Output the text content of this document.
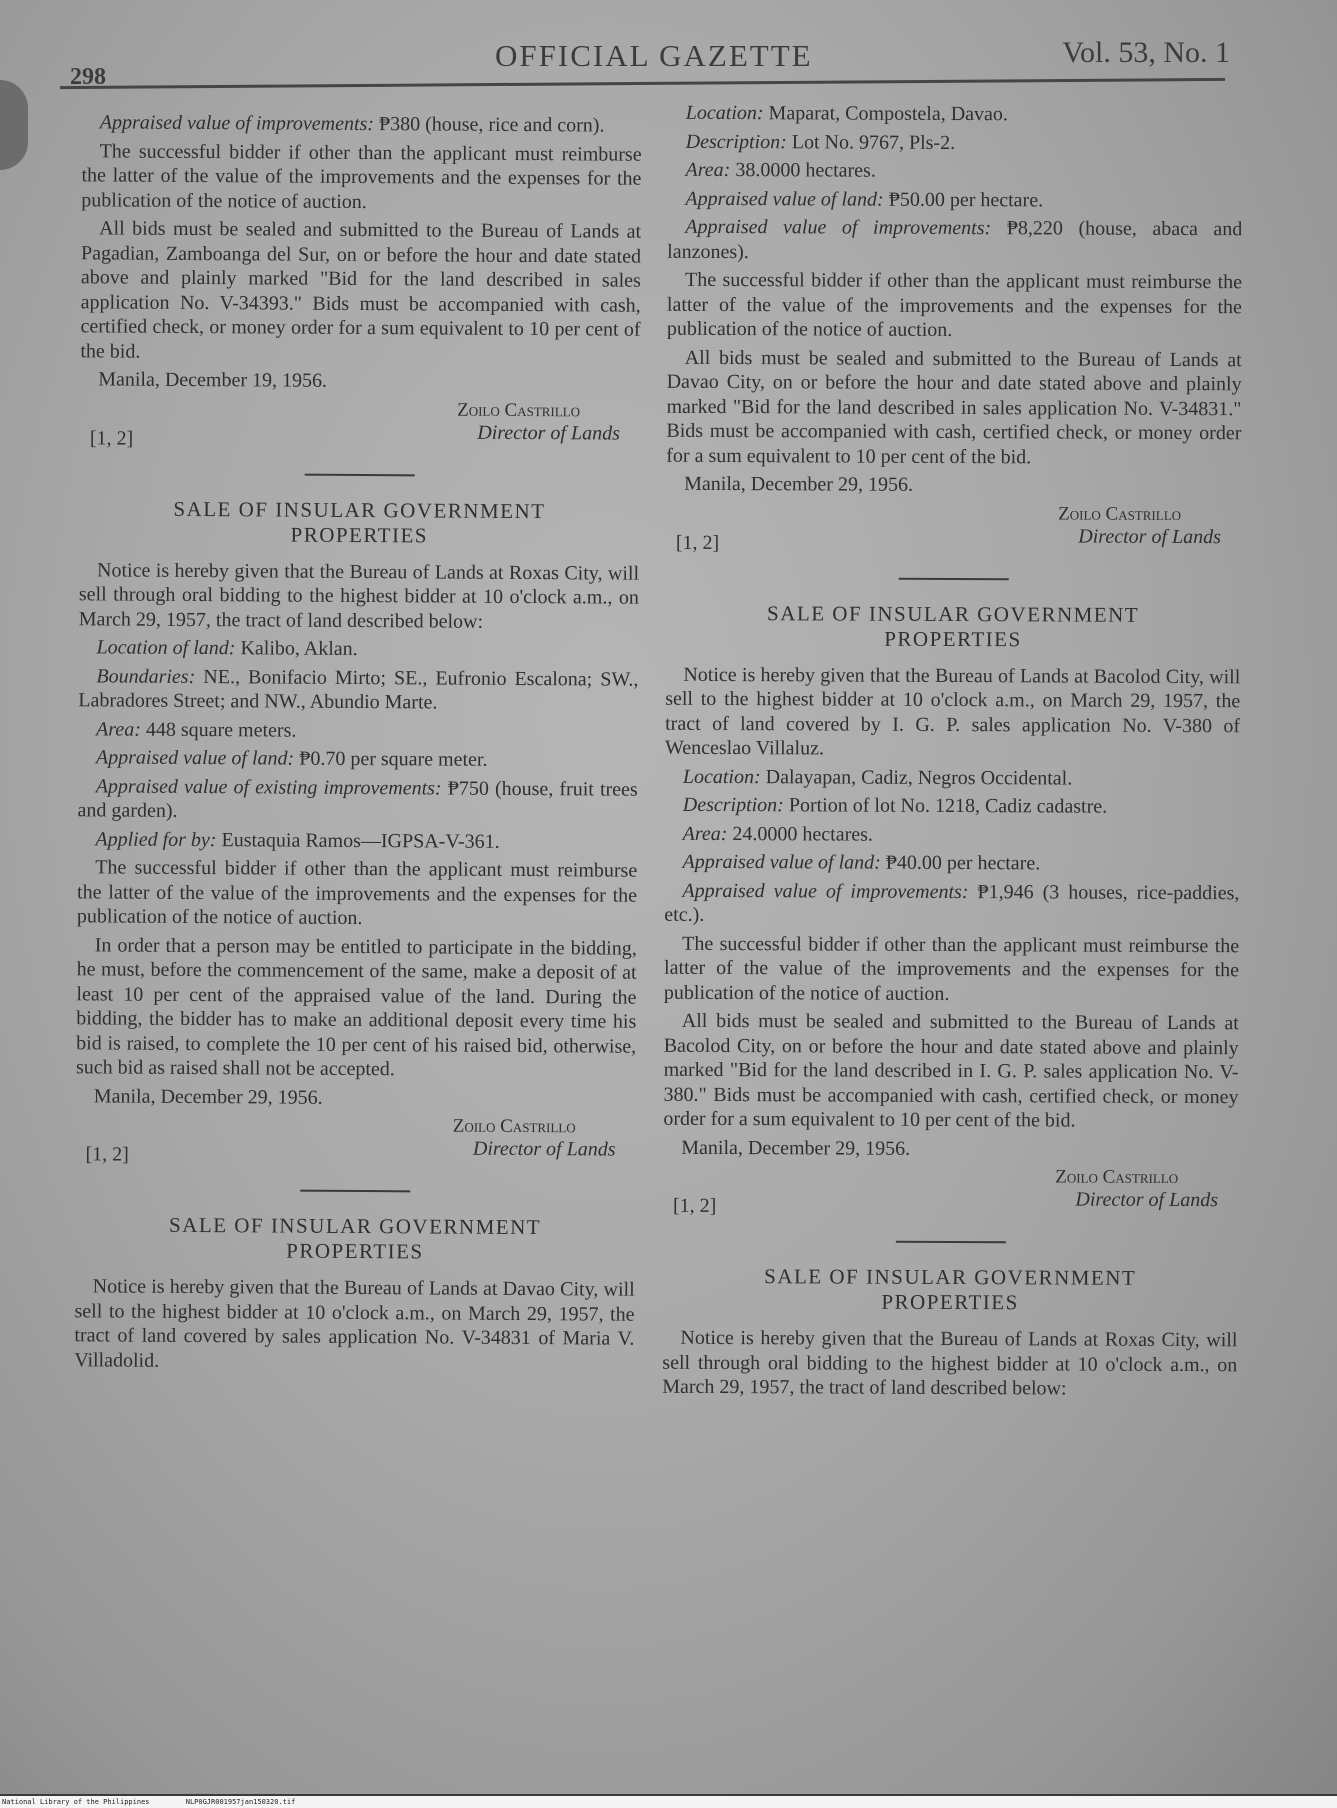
298
OFFICIAL GAZETTE	Vol. 53, No. 1

Appraised value of improvements: ₱380 (house, rice and corn).

The successful bidder if other than the applicant must reimburse the latter of the value of the improvements and the expenses for the publication of the notice of auction.

All bids must be sealed and submitted to the Bureau of Lands at Pagadian, Zamboanga del Sur, on or before the hour and date stated above and plainly marked "Bid for the land described in sales application No. V-34393." Bids must be accompanied with cash, certified check, or money order for a sum equivalent to 10 per cent of the bid.

Manila, December 19, 1956.

Zoilo Castrillo
Director of Lands
[1, 2]
SALE OF INSULAR GOVERNMENT
PROPERTIES

Notice is hereby given that the Bureau of Lands at Roxas City, will sell through oral bidding to the highest bidder at 10 o'clock a.m., on March 29, 1957, the tract of land described below:

Location of land: Kalibo, Aklan.

Boundaries: NE., Bonifacio Mirto; SE., Eufronio Escalona; SW., Labradores Street; and NW., Abundio Marte.

Area: 448 square meters.

Appraised value of land: ₱0.70 per square meter.

Appraised value of existing improvements: ₱750 (house, fruit trees and garden).

Applied for by: Eustaquia Ramos—IGPSA-V-361.

The successful bidder if other than the applicant must reimburse the latter of the value of the improvements and the expenses for the publication of the notice of auction.

In order that a person may be entitled to participate in the bidding, he must, before the commencement of the same, make a deposit of at least 10 per cent of the appraised value of the land. During the bidding, the bidder has to make an additional deposit every time his bid is raised, to complete the 10 per cent of his raised bid, otherwise, such bid as raised shall not be accepted.

Manila, December 29, 1956.

Zoilo Castrillo
Director of Lands
[1, 2]
SALE OF INSULAR GOVERNMENT
PROPERTIES

Notice is hereby given that the Bureau of Lands at Davao City, will sell to the highest bidder at 10 o'clock a.m., on March 29, 1957, the tract of land covered by sales application No. V-34831 of Maria V. Villadolid.

Location: Maparat, Compostela, Davao.

Description: Lot No. 9767, Pls-2.

Area: 38.0000 hectares.

Appraised value of land: ₱50.00 per hectare.

Appraised value of improvements: ₱8,220 (house, abaca and lanzones).

The successful bidder if other than the applicant must reimburse the latter of the value of the improvements and the expenses for the publication of the notice of auction.

All bids must be sealed and submitted to the Bureau of Lands at Davao City, on or before the hour and date stated above and plainly marked "Bid for the land described in sales application No. V-34831." Bids must be accompanied with cash, certified check, or money order for a sum equivalent to 10 per cent of the bid.

Manila, December 29, 1956.

Zoilo Castrillo
Director of Lands
[1, 2]
SALE OF INSULAR GOVERNMENT
PROPERTIES

Notice is hereby given that the Bureau of Lands at Bacolod City, will sell to the highest bidder at 10 o'clock a.m., on March 29, 1957, the tract of land covered by I. G. P. sales application No. V-380 of Wenceslao Villaluz.

Location: Dalayapan, Cadiz, Negros Occidental.

Description: Portion of lot No. 1218, Cadiz cadastre.

Area: 24.0000 hectares.

Appraised value of land: ₱40.00 per hectare.

Appraised value of improvements: ₱1,946 (3 houses, rice-paddies, etc.).

The successful bidder if other than the applicant must reimburse the latter of the value of the improvements and the expenses for the publication of the notice of auction.

All bids must be sealed and submitted to the Bureau of Lands at Bacolod City, on or before the hour and date stated above and plainly marked "Bid for the land described in I. G. P. sales application No. V-380." Bids must be accompanied with cash, certified check, or money order for a sum equivalent to 10 per cent of the bid.

Manila, December 29, 1956.

Zoilo Castrillo
Director of Lands
[1, 2]
SALE OF INSULAR GOVERNMENT
PROPERTIES

Notice is hereby given that the Bureau of Lands at Roxas City, will sell through oral bidding to the highest bidder at 10 o'clock a.m., on March 29, 1957, the tract of land described below:

National Library of the Philippines	NLP0GJR001957jan150320.tif
